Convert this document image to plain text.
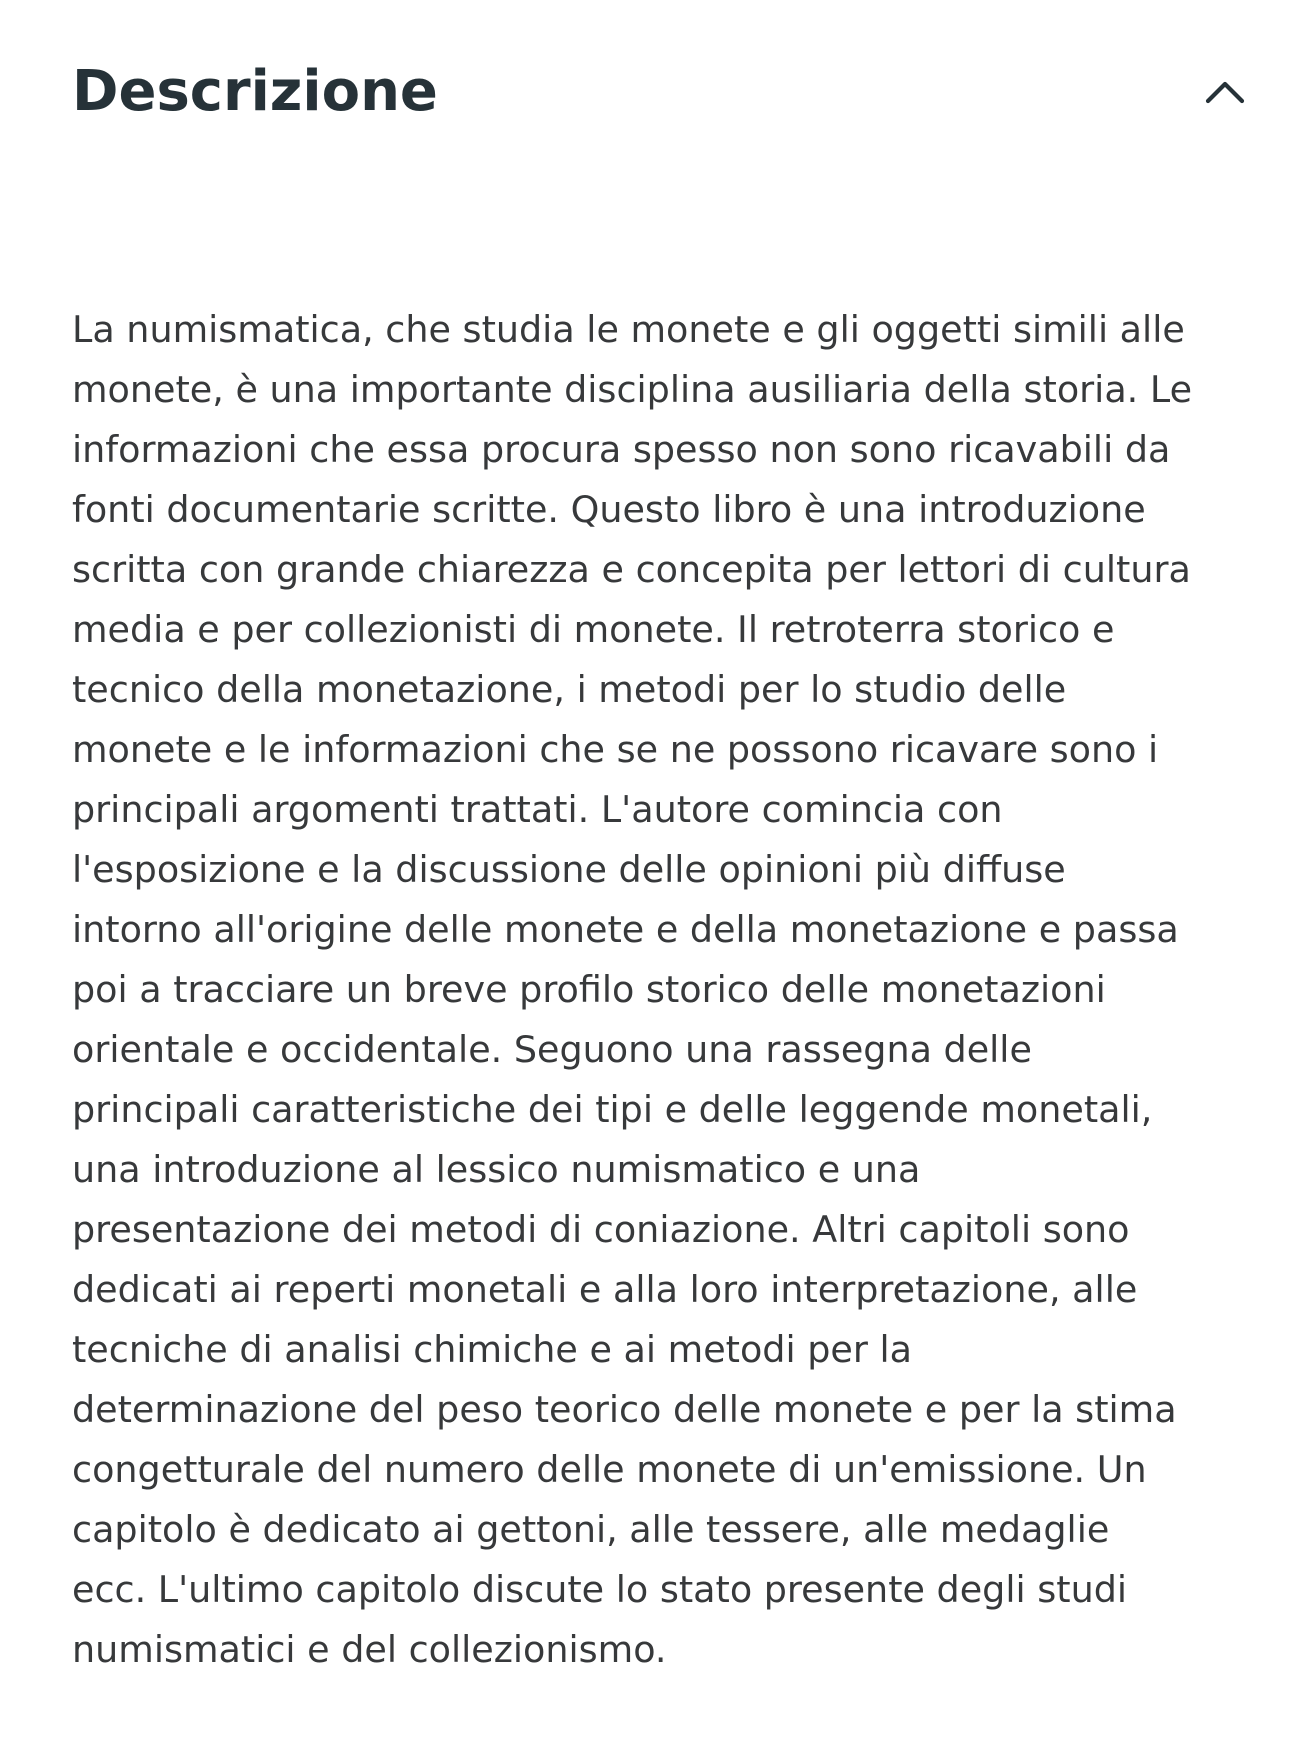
Descrizione

La numismatica, che studia le monete e gli oggetti simili alle
monete, è una importante disciplina ausiliaria della storia. Le
informazioni che essa procura spesso non sono ricavabili da
fonti documentarie scritte. Questo libro è una introduzione
scritta con grande chiarezza e concepita per lettori di cultura
media e per collezionisti di monete. Il retroterra storico e
tecnico della monetazione, i metodi per lo studio delle
monete e le informazioni che se ne possono ricavare sono i
principali argomenti trattati. L'autore comincia con
l'esposizione e la discussione delle opinioni più diffuse
intorno all'origine delle monete e della monetazione e passa
poi a tracciare un breve profilo storico delle monetazioni
orientale e occidentale. Seguono una rassegna delle
principali caratteristiche dei tipi e delle leggende monetali,
una introduzione al lessico numismatico e una
presentazione dei metodi di coniazione. Altri capitoli sono
dedicati ai reperti monetali e alla loro interpretazione, alle
tecniche di analisi chimiche e ai metodi per la
determinazione del peso teorico delle monete e per la stima
congetturale del numero delle monete di un'emissione. Un
capitolo è dedicato ai gettoni, alle tessere, alle medaglie
ecc. L'ultimo capitolo discute lo stato presente degli studi
numismatici e del collezionismo.
